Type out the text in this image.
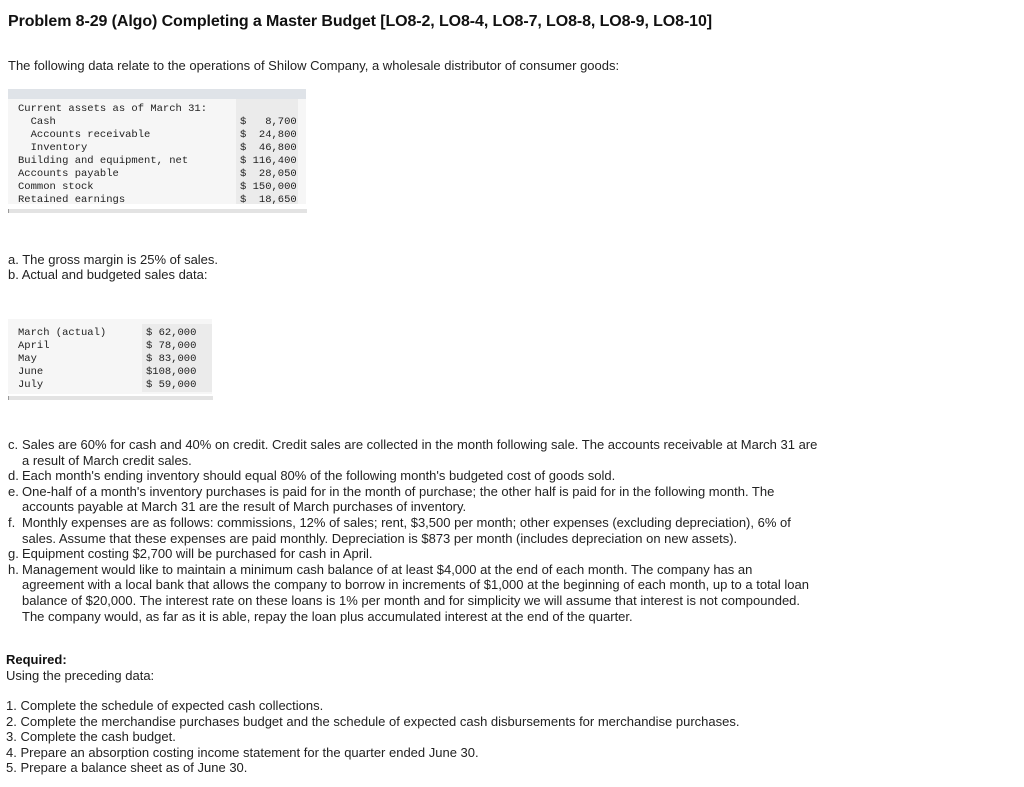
Problem 8-29 (Algo) Completing a Master Budget [LO8-2, LO8-4, LO8-7, LO8-8, LO8-9, LO8-10]
The following data relate to the operations of Shilow Company, a wholesale distributor of consumer goods:
Current assets as of March 31:
Cash	$   8,700
Accounts receivable	$  24,800
Inventory	$  46,800
Building and equipment, net	$ 116,400
Accounts payable	$  28,050
Common stock	$ 150,000
Retained earnings	$  18,650
a. The gross margin is 25% of sales.
b. Actual and budgeted sales data:
March (actual)	$ 62,000
April	$ 78,000
May	$ 83,000
June	$108,000
July	$ 59,000
c. Sales are 60% for cash and 40% on credit. Credit sales are collected in the month following sale. The accounts receivable at March 31 are a result of March credit sales.
d. Each month's ending inventory should equal 80% of the following month's budgeted cost of goods sold.
e. One-half of a month's inventory purchases is paid for in the month of purchase; the other half is paid for in the following month. The accounts payable at March 31 are the result of March purchases of inventory.
f. Monthly expenses are as follows: commissions, 12% of sales; rent, $3,500 per month; other expenses (excluding depreciation), 6% of sales. Assume that these expenses are paid monthly. Depreciation is $873 per month (includes depreciation on new assets).
g. Equipment costing $2,700 will be purchased for cash in April.
h. Management would like to maintain a minimum cash balance of at least $4,000 at the end of each month. The company has an agreement with a local bank that allows the company to borrow in increments of $1,000 at the beginning of each month, up to a total loan balance of $20,000. The interest rate on these loans is 1% per month and for simplicity we will assume that interest is not compounded. The company would, as far as it is able, repay the loan plus accumulated interest at the end of the quarter.
Required:
Using the preceding data:
1. Complete the schedule of expected cash collections.
2. Complete the merchandise purchases budget and the schedule of expected cash disbursements for merchandise purchases.
3. Complete the cash budget.
4. Prepare an absorption costing income statement for the quarter ended June 30.
5. Prepare a balance sheet as of June 30.
